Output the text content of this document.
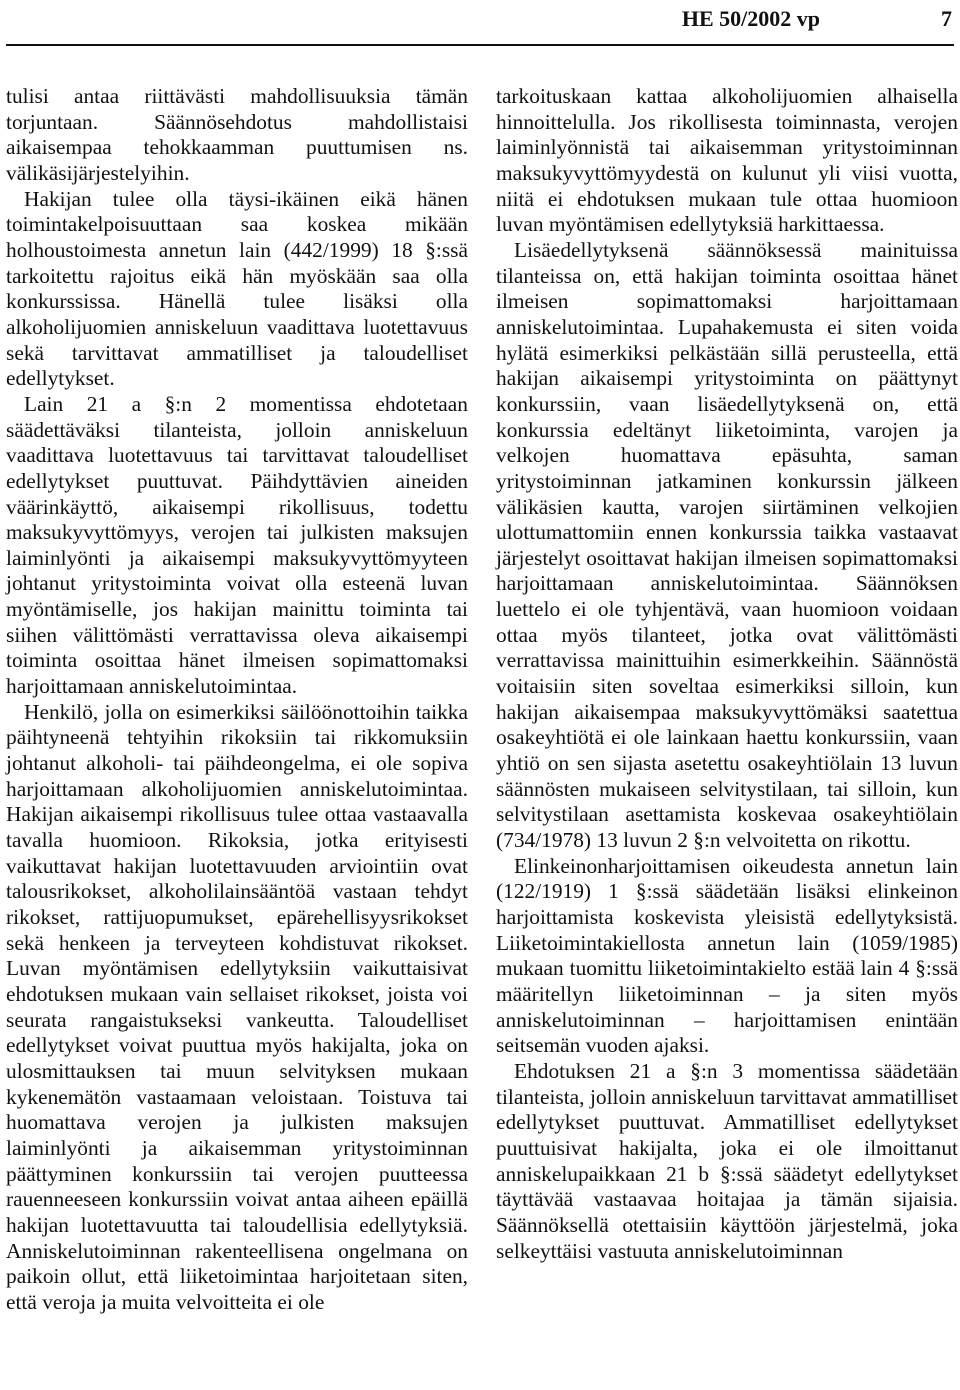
HE 50/2002 vp	7

tulisi antaa riittävästi mahdollisuuksia tämän torjuntaan. Säännösehdotus mahdollistaisi aikaisempaa tehokkaamman puuttumisen ns. välikäsijärjestelyihin.

Hakijan tulee olla täysi-ikäinen eikä hänen toimintakelpoisuuttaan saa koskea mikään holhoustoimesta annetun lain (442/1999) 18 §:ssä tarkoitettu rajoitus eikä hän myöskään saa olla konkurssissa. Hänellä tulee lisäksi olla alkoholijuomien anniskeluun vaadittava luotettavuus sekä tarvittavat ammatilliset ja taloudelliset edellytykset.

Lain 21 a §:n 2 momentissa ehdotetaan säädettäväksi tilanteista, jolloin anniskeluun vaadittava luotettavuus tai tarvittavat taloudelliset edellytykset puuttuvat. Päihdyttävien aineiden väärinkäyttö, aikaisempi rikollisuus, todettu maksukyvyttömyys, verojen tai julkisten maksujen laiminlyönti ja aikaisempi maksukyvyttömyyteen johtanut yritystoiminta voivat olla esteenä luvan myöntämiselle, jos hakijan mainittu toiminta tai siihen välittömästi verrattavissa oleva aikaisempi toiminta osoittaa hänet ilmeisen sopimattomaksi harjoittamaan anniskelutoimintaa.

Henkilö, jolla on esimerkiksi säilöönottoihin taikka päihtyneenä tehtyihin rikoksiin tai rikkomuksiin johtanut alkoholi- tai päihdeongelma, ei ole sopiva harjoittamaan alkoholijuomien anniskelutoimintaa. Hakijan aikaisempi rikollisuus tulee ottaa vastaavalla tavalla huomioon. Rikoksia, jotka erityisesti vaikuttavat hakijan luotettavuuden arviointiin ovat talousrikokset, alkoholilainsääntöä vastaan tehdyt rikokset, rattijuopumukset, epärehellisyysrikokset sekä henkeen ja terveyteen kohdistuvat rikokset. Luvan myöntämisen edellytyksiin vaikuttaisivat ehdotuksen mukaan vain sellaiset rikokset, joista voi seurata rangaistukseksi vankeutta. Taloudelliset edellytykset voivat puuttua myös hakijalta, joka on ulosmittauksen tai muun selvityksen mukaan kykenemätön vastaamaan veloistaan. Toistuva tai huomattava verojen ja julkisten maksujen laiminlyönti ja aikaisemman yritystoiminnan päättyminen konkurssiin tai verojen puutteessa rauenneeseen konkurssiin voivat antaa aiheen epäillä hakijan luotettavuutta tai taloudellisia edellytyksiä. Anniskelutoiminnan rakenteellisena ongelmana on paikoin ollut, että liiketoimintaa harjoitetaan siten, että veroja ja muita velvoitteita ei ole

tarkoituskaan kattaa alkoholijuomien alhaisella hinnoittelulla. Jos rikollisesta toiminnasta, verojen laiminlyönnistä tai aikaisemman yritystoiminnan maksukyvyttömyydestä on kulunut yli viisi vuotta, niitä ei ehdotuksen mukaan tule ottaa huomioon luvan myöntämisen edellytyksiä harkittaessa.

Lisäedellytyksenä säännöksessä mainituissa tilanteissa on, että hakijan toiminta osoittaa hänet ilmeisen sopimattomaksi harjoittamaan anniskelutoimintaa. Lupahakemusta ei siten voida hylätä esimerkiksi pelkästään sillä perusteella, että hakijan aikaisempi yritystoiminta on päättynyt konkurssiin, vaan lisäedellytyksenä on, että konkurssia edeltänyt liiketoiminta, varojen ja velkojen huomattava epäsuhta, saman yritystoiminnan jatkaminen konkurssin jälkeen välikäsien kautta, varojen siirtäminen velkojien ulottumattomiin ennen konkurssia taikka vastaavat järjestelyt osoittavat hakijan ilmeisen sopimattomaksi harjoittamaan anniskelutoimintaa. Säännöksen luettelo ei ole tyhjentävä, vaan huomioon voidaan ottaa myös tilanteet, jotka ovat välittömästi verrattavissa mainittuihin esimerkkeihin. Säännöstä voitaisiin siten soveltaa esimerkiksi silloin, kun hakijan aikaisempaa maksukyvyttömäksi saatettua osakeyhtiötä ei ole lainkaan haettu konkurssiin, vaan yhtiö on sen sijasta asetettu osakeyhtiölain 13 luvun säännösten mukaiseen selvitystilaan, tai silloin, kun selvitystilaan asettamista koskevaa osakeyhtiölain (734/1978) 13 luvun 2 §:n velvoitetta on rikottu.

Elinkeinonharjoittamisen oikeudesta annetun lain (122/1919) 1 §:ssä säädetään lisäksi elinkeinon harjoittamista koskevista yleisistä edellytyksistä. Liiketoimintakiellosta annetun lain (1059/1985) mukaan tuomittu liiketoimintakielto estää lain 4 §:ssä määritellyn liiketoiminnan – ja siten myös anniskelutoiminnan – harjoittamisen enintään seitsemän vuoden ajaksi.

Ehdotuksen 21 a §:n 3 momentissa säädetään tilanteista, jolloin anniskeluun tarvittavat ammatilliset edellytykset puuttuvat. Ammatilliset edellytykset puuttuisivat hakijalta, joka ei ole ilmoittanut anniskelupaikkaan 21 b §:ssä säädetyt edellytykset täyttävää vastaavaa hoitajaa ja tämän sijaisia. Säännöksellä otettaisiin käyttöön järjestelmä, joka selkeyttäisi vastuuta anniskelutoiminnan
